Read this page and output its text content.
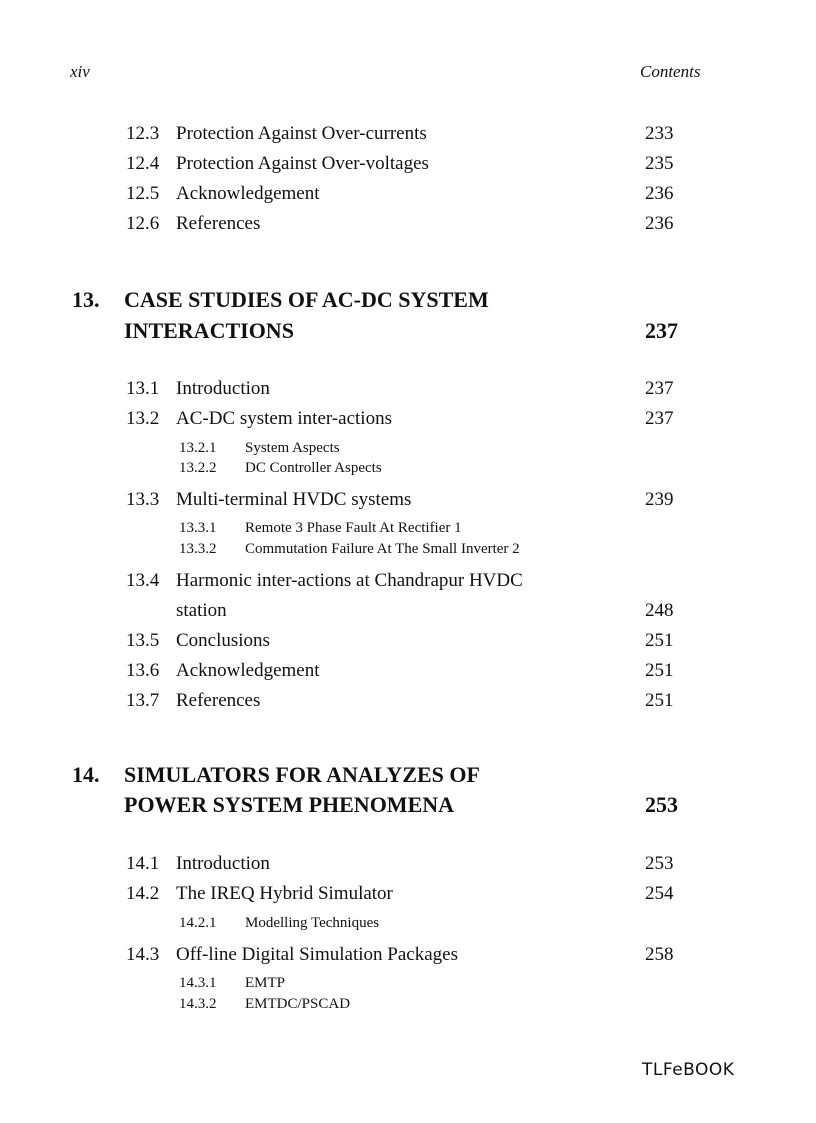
xiv	Contents
12.3 Protection Against Over-currents	233
12.4 Protection Against Over-voltages	235
12.5 Acknowledgement	236
12.6 References	236
13. CASE STUDIES OF AC-DC SYSTEM
INTERACTIONS	237
13.1 Introduction	237
13.2 AC-DC system inter-actions	237
13.2.1 System Aspects
13.2.2 DC Controller Aspects
13.3 Multi-terminal HVDC systems	239
13.3.1 Remote 3 Phase Fault At Rectifier 1
13.3.2 Commutation Failure At The Small Inverter 2
13.4 Harmonic inter-actions at Chandrapur HVDC
station	248
13.5 Conclusions	251
13.6 Acknowledgement	251
13.7 References	251
14. SIMULATORS FOR ANALYZES OF
POWER SYSTEM PHENOMENA	253
14.1 Introduction	253
14.2 The IREQ Hybrid Simulator	254
14.2.1 Modelling Techniques
14.3 Off-line Digital Simulation Packages	258
14.3.1 EMTP
14.3.2 EMTDC/PSCAD
TLFeBOOK
